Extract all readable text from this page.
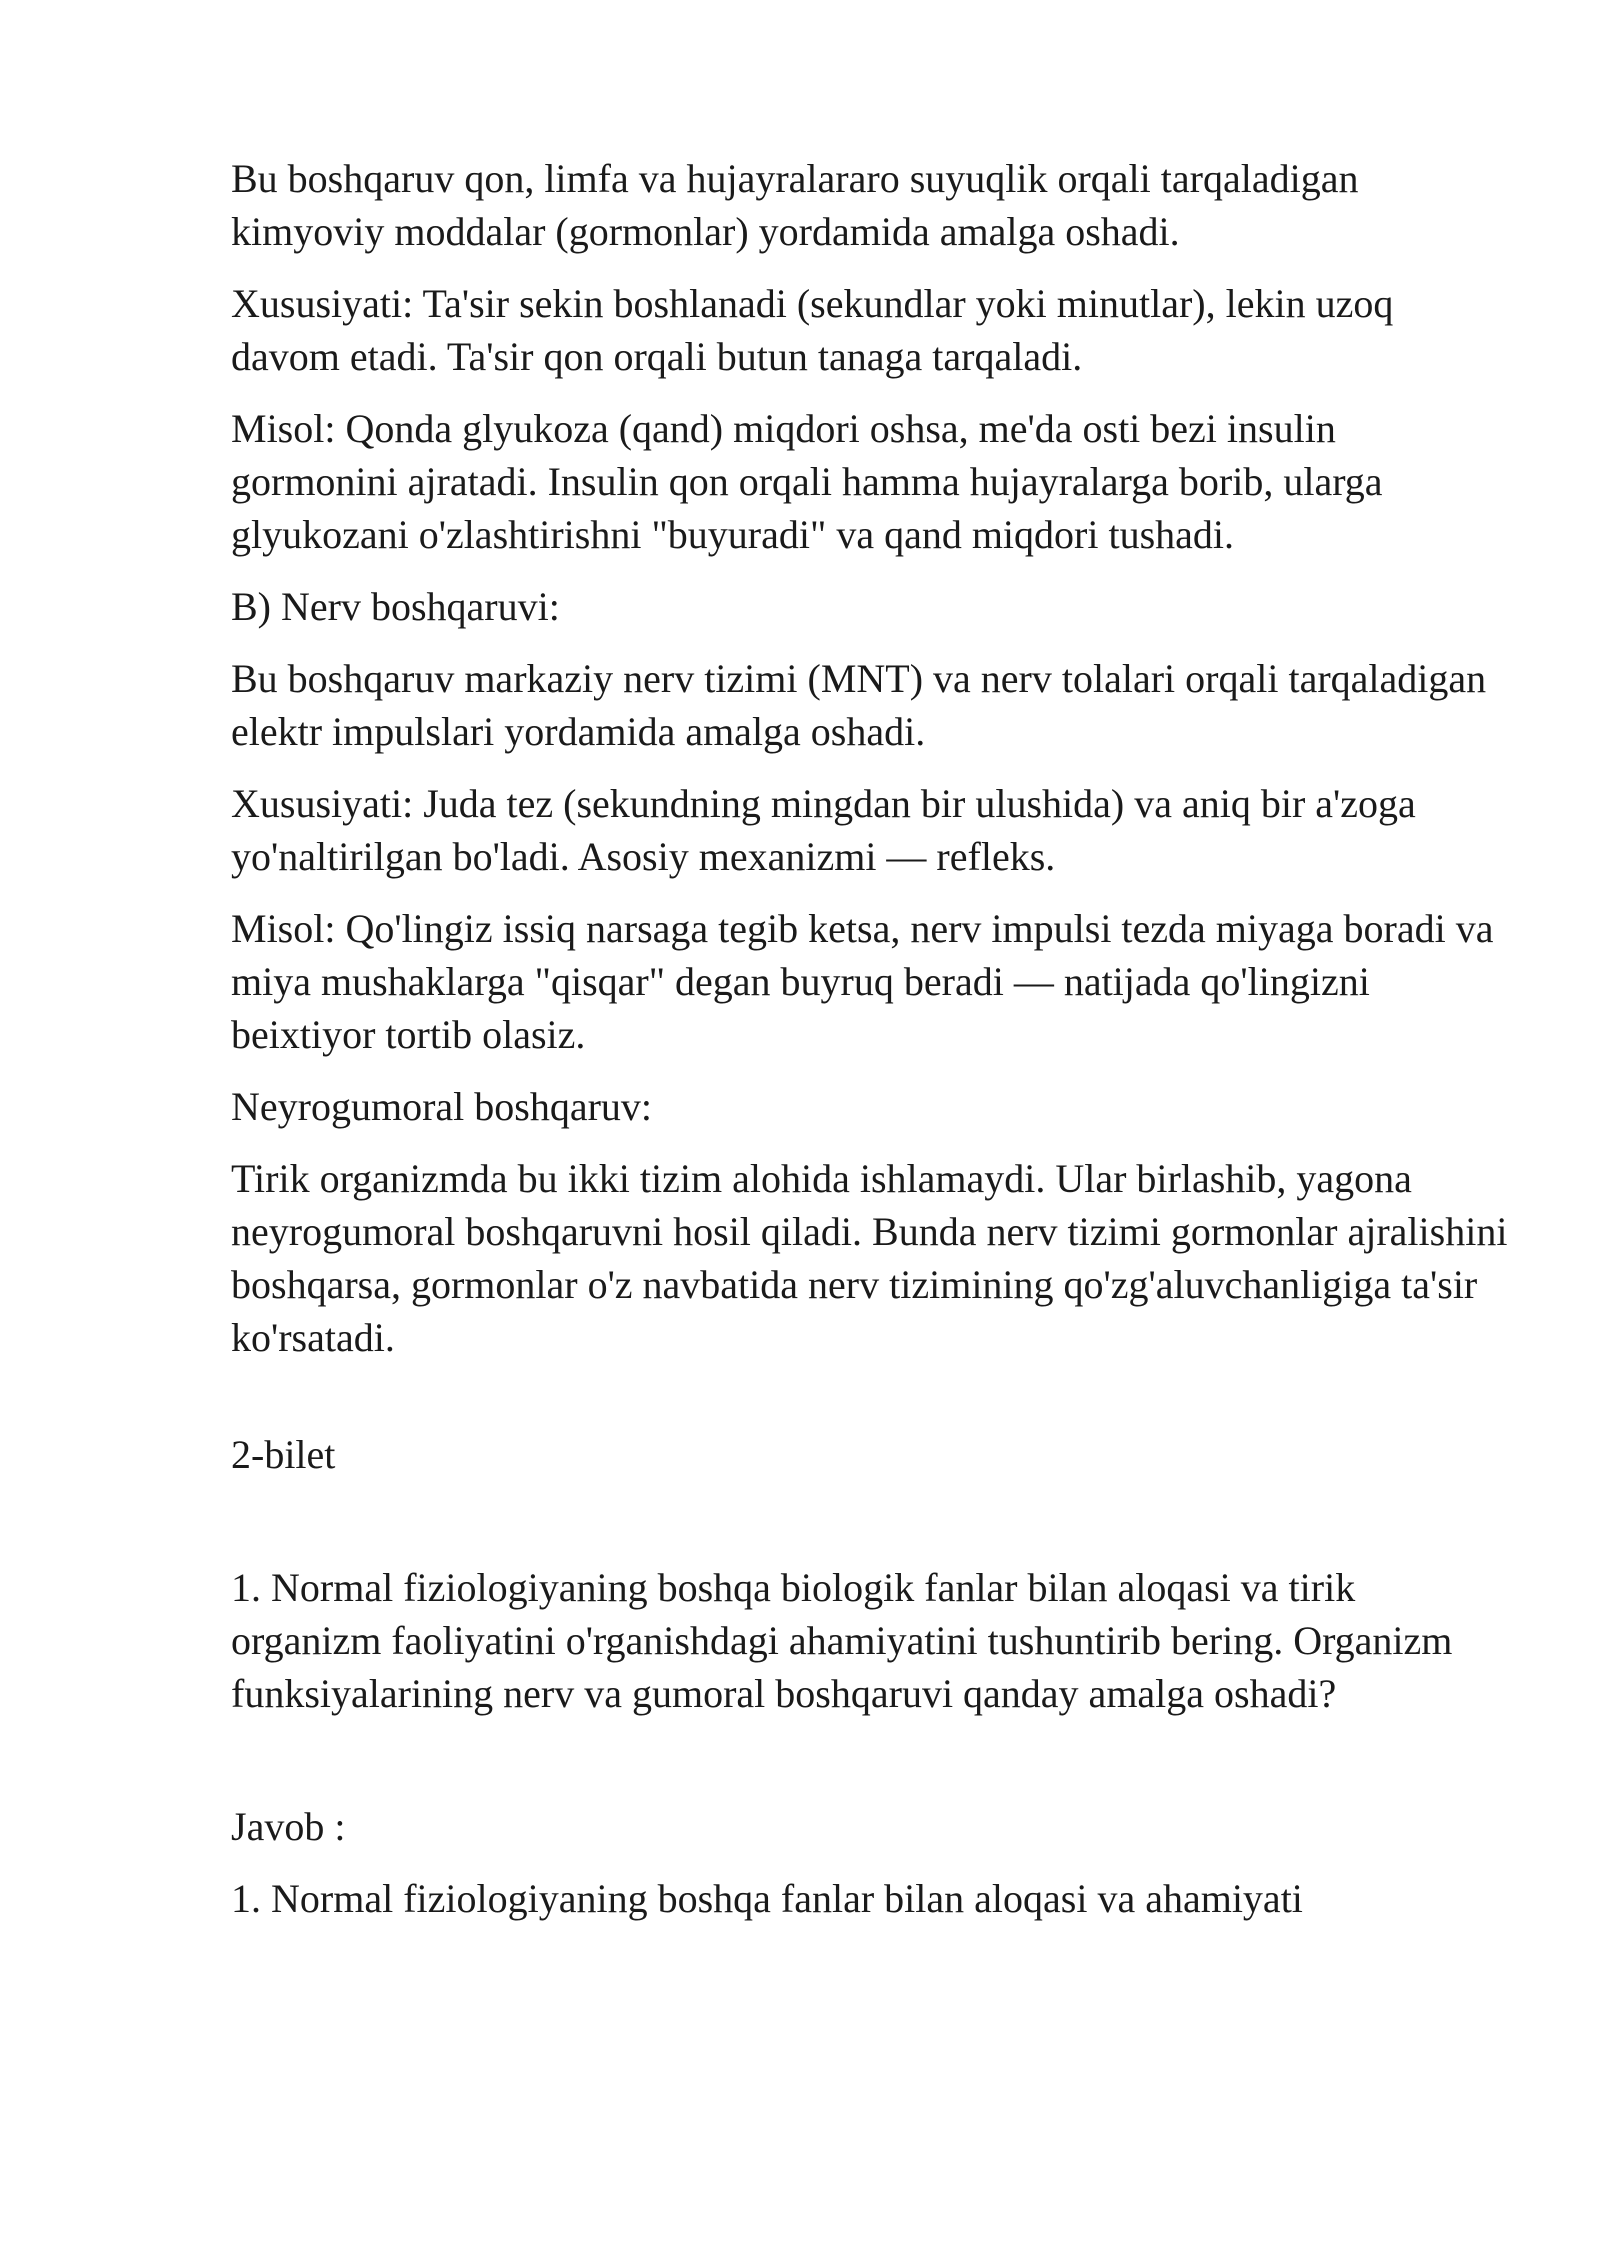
Bu boshqaruv qon, limfa va hujayralararo suyuqlik orqali tarqaladigan kimyoviy moddalar (gormonlar) yordamida amalga oshadi.

Xususiyati: Ta'sir sekin boshlanadi (sekundlar yoki minutlar), lekin uzoq davom etadi. Ta'sir qon orqali butun tanaga tarqaladi.

Misol: Qonda glyukoza (qand) miqdori oshsa, me'da osti bezi insulin gormonini ajratadi. Insulin qon orqali hamma hujayralarga borib, ularga glyukozani o'zlashtirishni "buyuradi" va qand miqdori tushadi.

B) Nerv boshqaruvi:

Bu boshqaruv markaziy nerv tizimi (MNT) va nerv tolalari orqali tarqaladigan elektr impulslari yordamida amalga oshadi.

Xususiyati: Juda tez (sekundning mingdan bir ulushida) va aniq bir a'zoga yo'naltirilgan bo'ladi. Asosiy mexanizmi — refleks.

Misol: Qo'lingiz issiq narsaga tegib ketsa, nerv impulsi tezda miyaga boradi va miya mushaklarga "qisqar" degan buyruq beradi — natijada qo'lingizni beixtiyor tortib olasiz.

Neyrogumoral boshqaruv:

Tirik organizmda bu ikki tizim alohida ishlamaydi. Ular birlashib, yagona neyrogumoral boshqaruvni hosil qiladi. Bunda nerv tizimi gormonlar ajralishini boshqarsa, gormonlar o'z navbatida nerv tizimining qo'zg'aluvchanligiga ta'sir ko'rsatadi.

2-bilet

1. Normal fiziologiyaning boshqa biologik fanlar bilan aloqasi va tirik organizm faoliyatini o'rganishdagi ahamiyatini tushuntirib bering. Organizm funksiyalarining nerv va gumoral boshqaruvi qanday amalga oshadi?

Javob :

1. Normal fiziologiyaning boshqa fanlar bilan aloqasi va ahamiyati
